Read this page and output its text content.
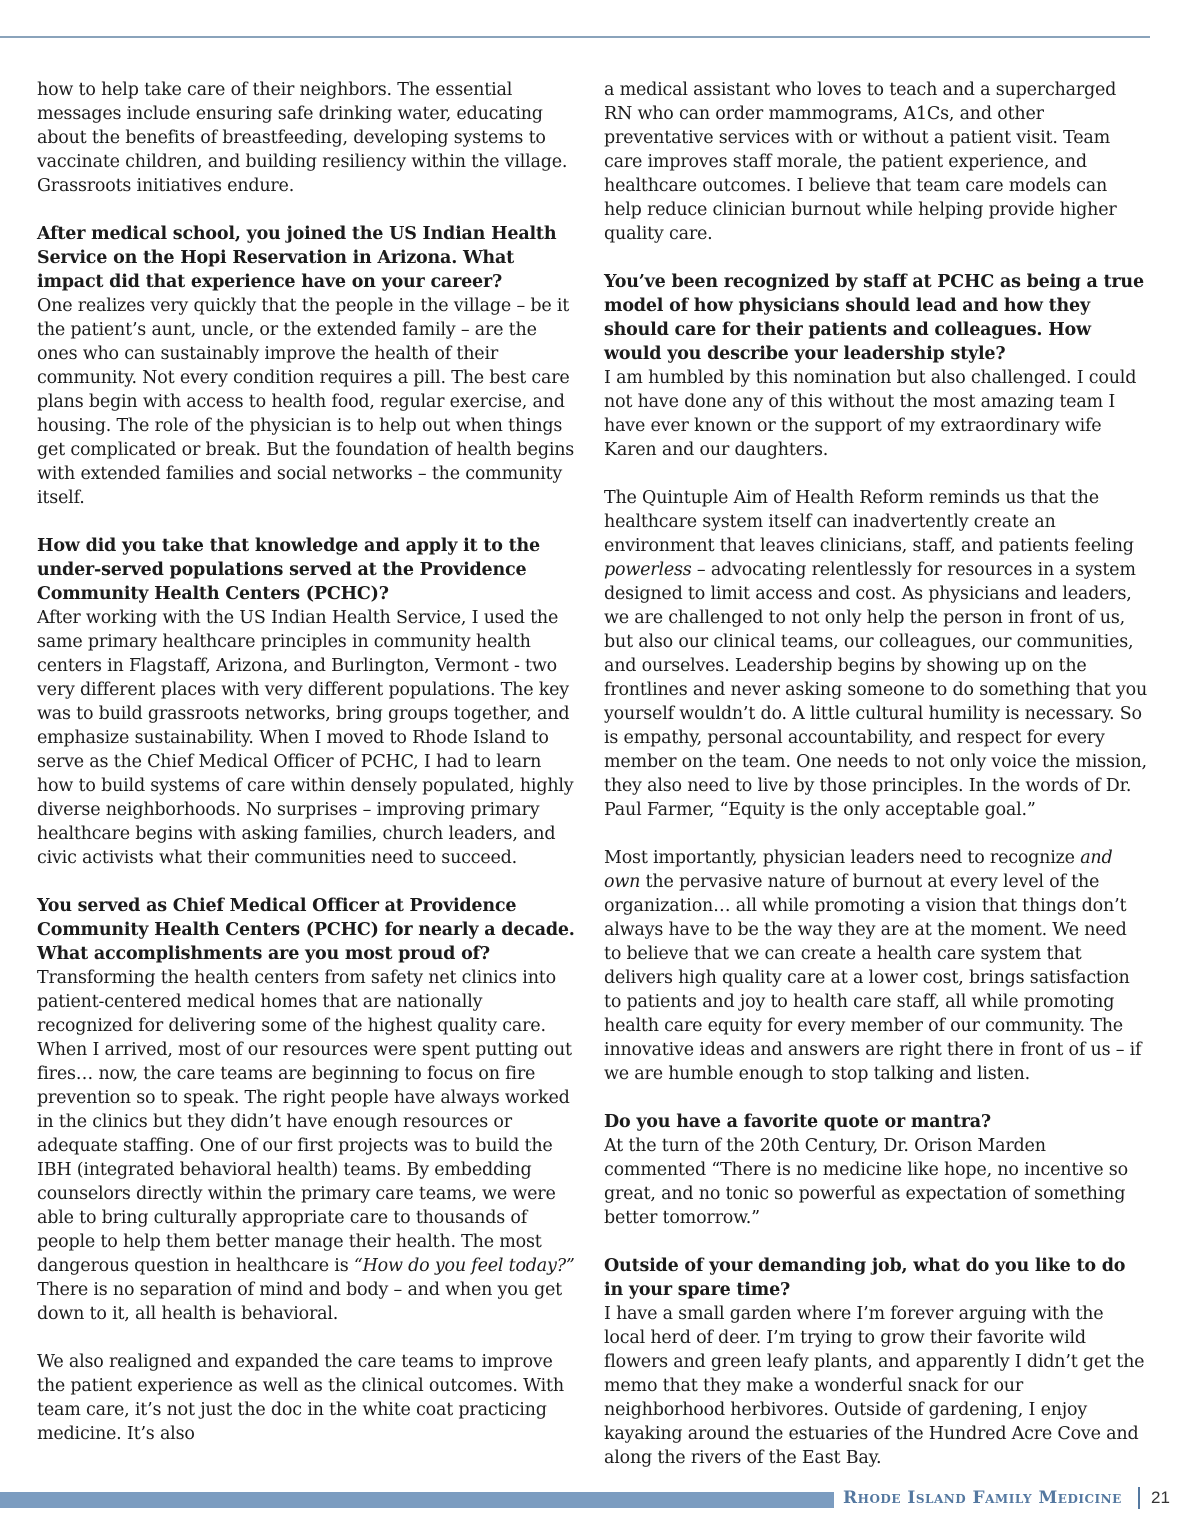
how to help take care of their neighbors. The essential messages include ensuring safe drinking water, educating about the benefits of breastfeeding, developing systems to vaccinate children, and building resiliency within the village. Grassroots initiatives endure.

After medical school, you joined the US Indian Health Service on the Hopi Reservation in Arizona. What impact did that experience have on your career?
One realizes very quickly that the people in the village – be it the patient’s aunt, uncle, or the extended family – are the ones who can sustainably improve the health of their community. Not every condition requires a pill. The best care plans begin with access to health food, regular exercise, and housing. The role of the physician is to help out when things get complicated or break. But the foundation of health begins with extended families and social networks – the community itself.

How did you take that knowledge and apply it to the under-served populations served at the Providence Community Health Centers (PCHC)?
After working with the US Indian Health Service, I used the same primary healthcare principles in community health centers in Flagstaff, Arizona, and Burlington, Vermont - two very different places with very different populations. The key was to build grassroots networks, bring groups together, and emphasize sustainability. When I moved to Rhode Island to serve as the Chief Medical Officer of PCHC, I had to learn how to build systems of care within densely populated, highly diverse neighborhoods. No surprises – improving primary healthcare begins with asking families, church leaders, and civic activists what their communities need to succeed.

You served as Chief Medical Officer at Providence Community Health Centers (PCHC) for nearly a decade. What accomplishments are you most proud of?
Transforming the health centers from safety net clinics into patient-centered medical homes that are nationally recognized for delivering some of the highest quality care. When I arrived, most of our resources were spent putting out fires… now, the care teams are beginning to focus on fire prevention so to speak. The right people have always worked in the clinics but they didn’t have enough resources or adequate staffing. One of our first projects was to build the IBH (integrated behavioral health) teams. By embedding counselors directly within the primary care teams, we were able to bring culturally appropriate care to thousands of people to help them better manage their health. The most dangerous question in healthcare is “How do you feel today?” There is no separation of mind and body – and when you get down to it, all health is behavioral.

We also realigned and expanded the care teams to improve the patient experience as well as the clinical outcomes. With team care, it’s not just the doc in the white coat practicing medicine. It’s also

a medical assistant who loves to teach and a supercharged RN who can order mammograms, A1Cs, and other preventative services with or without a patient visit. Team care improves staff morale, the patient experience, and healthcare outcomes. I believe that team care models can help reduce clinician burnout while helping provide higher quality care.

You’ve been recognized by staff at PCHC as being a true model of how physicians should lead and how they should care for their patients and colleagues. How would you describe your leadership style?
I am humbled by this nomination but also challenged. I could not have done any of this without the most amazing team I have ever known or the support of my extraordinary wife Karen and our daughters.

The Quintuple Aim of Health Reform reminds us that the healthcare system itself can inadvertently create an environment that leaves clinicians, staff, and patients feeling powerless – advocating relentlessly for resources in a system designed to limit access and cost. As physicians and leaders, we are challenged to not only help the person in front of us, but also our clinical teams, our colleagues, our communities, and ourselves. Leadership begins by showing up on the frontlines and never asking someone to do something that you yourself wouldn’t do. A little cultural humility is necessary. So is empathy, personal accountability, and respect for every member on the team. One needs to not only voice the mission, they also need to live by those principles. In the words of Dr. Paul Farmer, “Equity is the only acceptable goal.”

Most importantly, physician leaders need to recognize and own the pervasive nature of burnout at every level of the organization… all while promoting a vision that things don’t always have to be the way they are at the moment. We need to believe that we can create a health care system that delivers high quality care at a lower cost, brings satisfaction to patients and joy to health care staff, all while promoting health care equity for every member of our community. The innovative ideas and answers are right there in front of us – if we are humble enough to stop talking and listen.

Do you have a favorite quote or mantra?
At the turn of the 20th Century, Dr. Orison Marden commented “There is no medicine like hope, no incentive so great, and no tonic so powerful as expectation of something better tomorrow.”

Outside of your demanding job, what do you like to do in your spare time?
I have a small garden where I’m forever arguing with the local herd of deer. I’m trying to grow their favorite wild flowers and green leafy plants, and apparently I didn’t get the memo that they make a wonderful snack for our neighborhood herbivores. Outside of gardening, I enjoy kayaking around the estuaries of the Hundred Acre Cove and along the rivers of the East Bay.

Rhode Island Family Medicine 21
